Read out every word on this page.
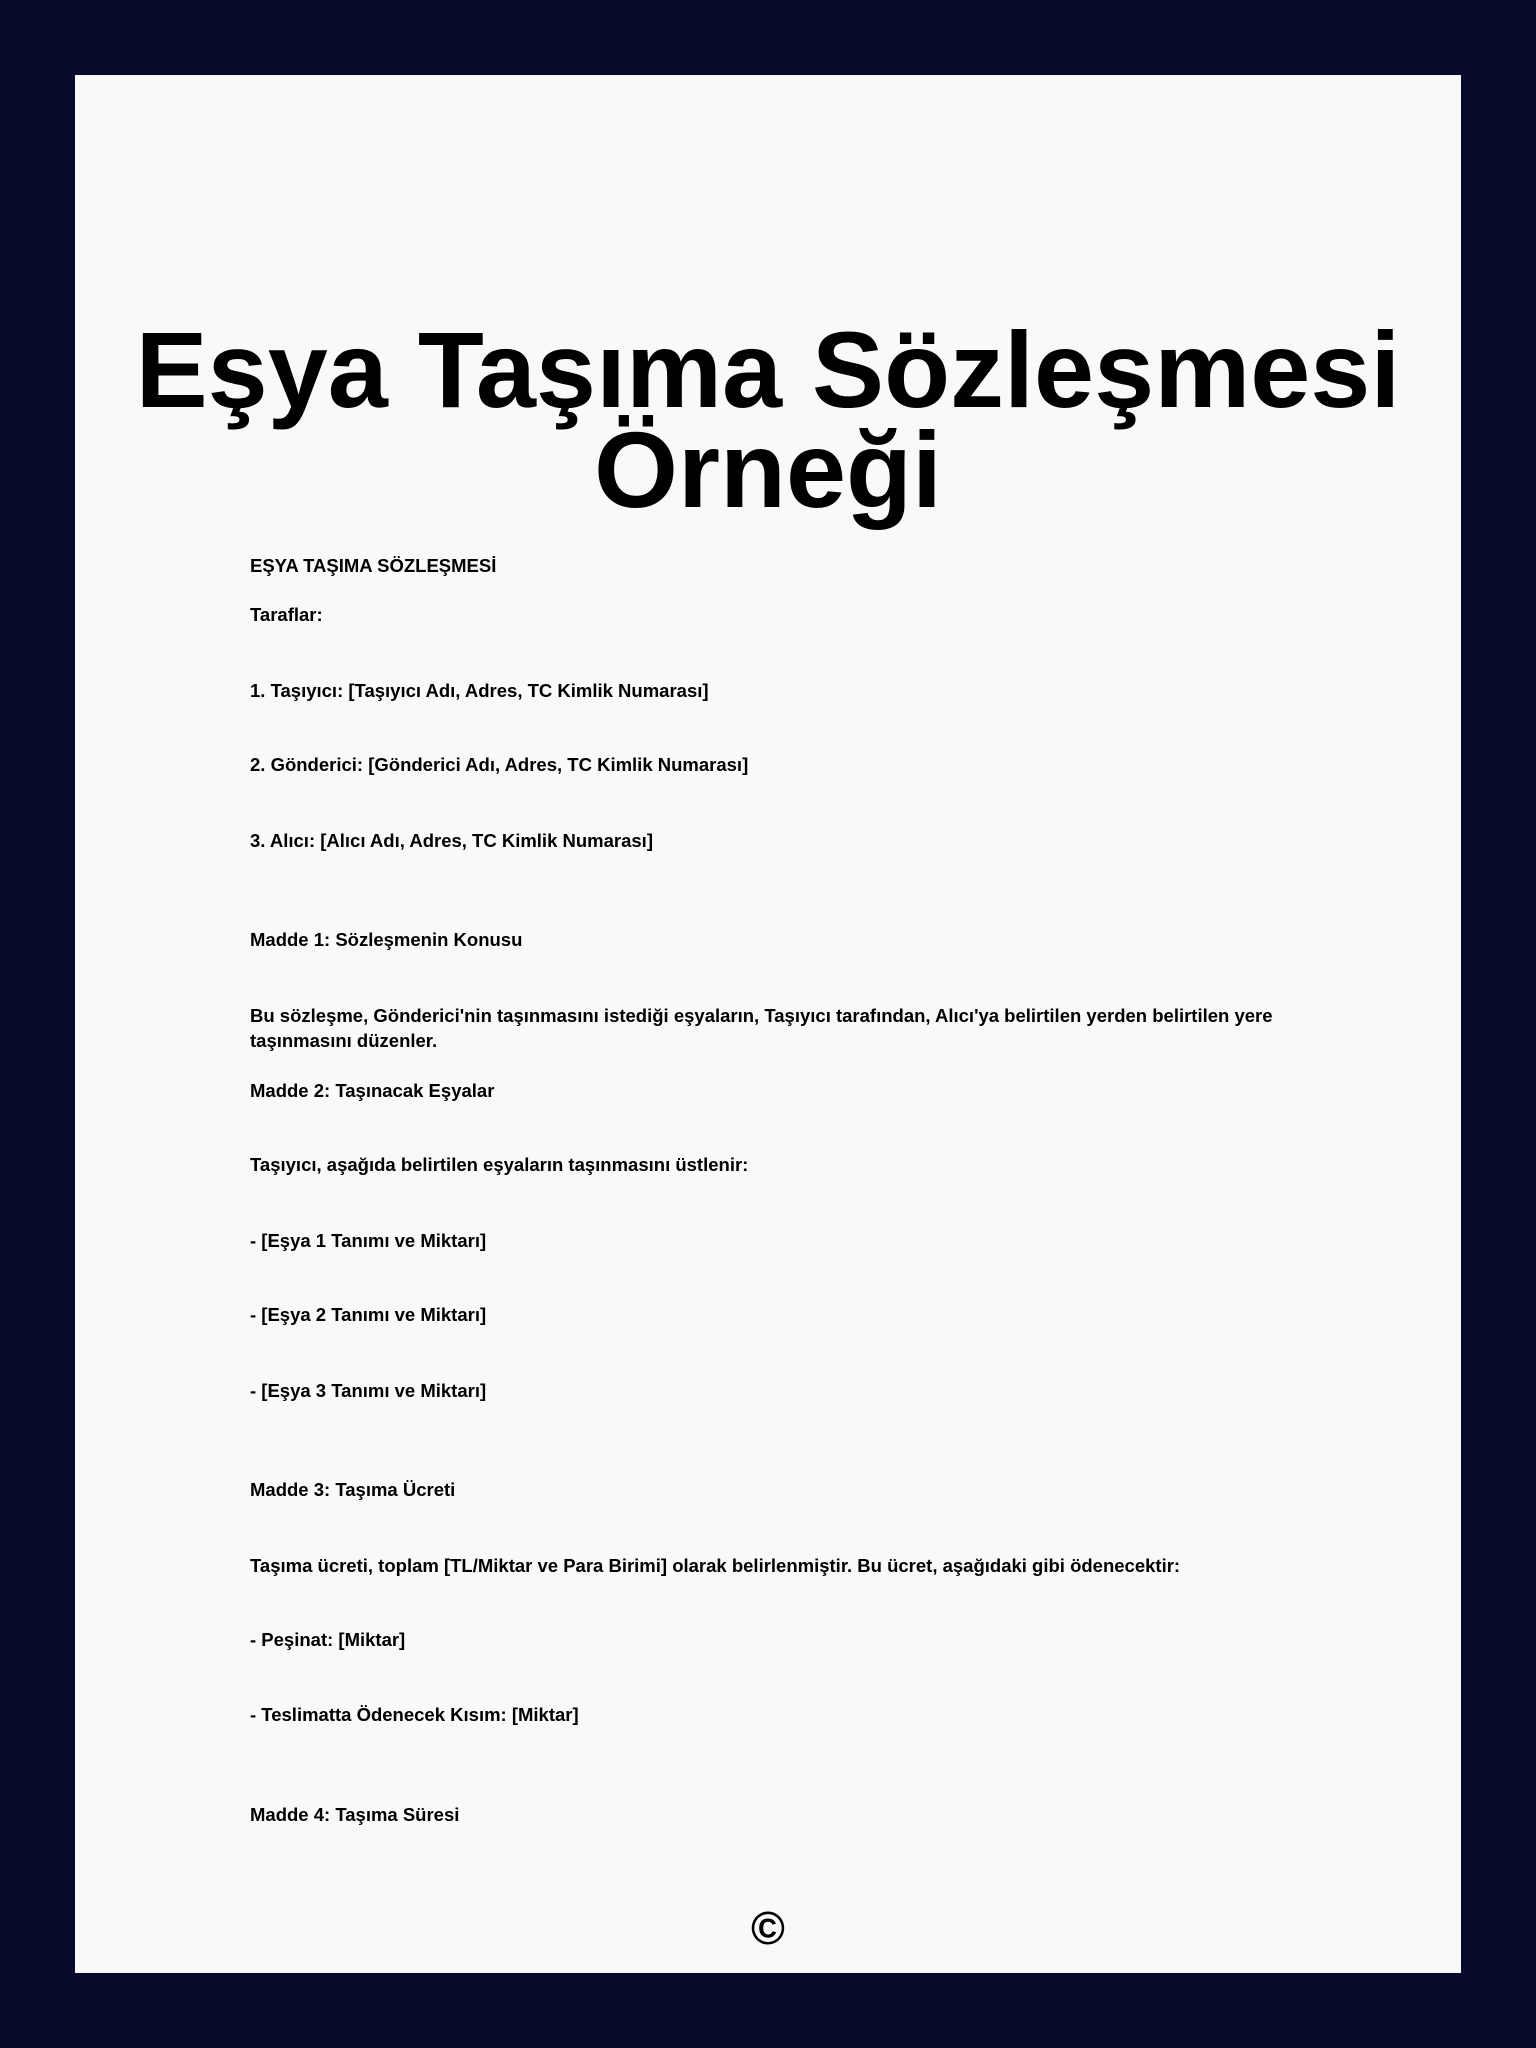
Eşya Taşıma Sözleşmesi Örneği

EŞYA TAŞIMA SÖZLEŞMESİ

Taraflar:

1. Taşıyıcı: [Taşıyıcı Adı, Adres, TC Kimlik Numarası]

2. Gönderici: [Gönderici Adı, Adres, TC Kimlik Numarası]

3. Alıcı: [Alıcı Adı, Adres, TC Kimlik Numarası]

Madde 1: Sözleşmenin Konusu

Bu sözleşme, Gönderici'nin taşınmasını istediği eşyaların, Taşıyıcı tarafından, Alıcı'ya belirtilen yerden belirtilen yere taşınmasını düzenler.

Madde 2: Taşınacak Eşyalar

Taşıyıcı, aşağıda belirtilen eşyaların taşınmasını üstlenir:

- [Eşya 1 Tanımı ve Miktarı]

- [Eşya 2 Tanımı ve Miktarı]

- [Eşya 3 Tanımı ve Miktarı]

Madde 3: Taşıma Ücreti

Taşıma ücreti, toplam [TL/Miktar ve Para Birimi] olarak belirlenmiştir. Bu ücret, aşağıdaki gibi ödenecektir:

- Peşinat: [Miktar]

- Teslimatta Ödenecek Kısım: [Miktar]

Madde 4: Taşıma Süresi

©
